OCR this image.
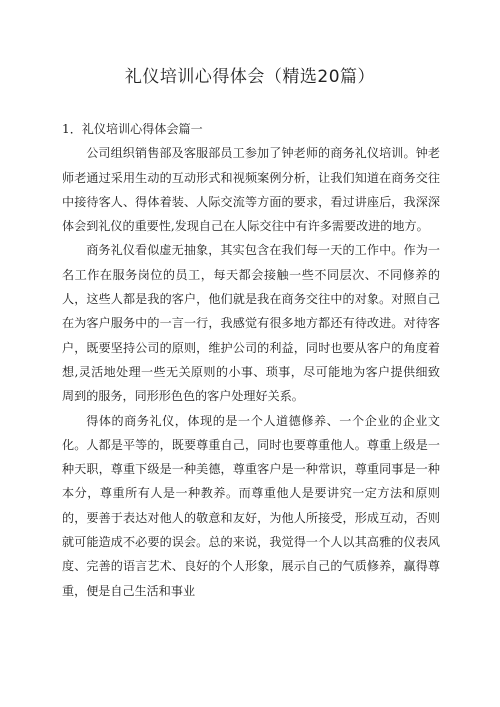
礼仪培训心得体会（精选20篇）

1．礼仪培训心得体会篇一

公司组织销售部及客服部员工参加了钟老师的商务礼仪培训。钟老师老通过采用生动的互动形式和视频案例分析，让我们知道在商务交往中接待客人、得体着装、人际交流等方面的要求，看过讲座后，我深深体会到礼仪的重要性,发现自己在人际交往中有许多需要改进的地方。

商务礼仪看似虚无抽象，其实包含在我们每一天的工作中。作为一名工作在服务岗位的员工，每天都会接触一些不同层次、不同修养的人，这些人都是我的客户，他们就是我在商务交往中的对象。对照自己在为客户服务中的一言一行，我感觉有很多地方都还有待改进。对待客户，既要坚持公司的原则，维护公司的利益，同时也要从客户的角度着想,灵活地处理一些无关原则的小事、琐事，尽可能地为客户提供细致周到的服务，同形形色色的客户处理好关系。

得体的商务礼仪，体现的是一个人道德修养、一个企业的企业文化。人都是平等的，既要尊重自己，同时也要尊重他人。尊重上级是一种天职，尊重下级是一种美德，尊重客户是一种常识，尊重同事是一种本分，尊重所有人是一种教养。而尊重他人是要讲究一定方法和原则的，要善于表达对他人的敬意和友好，为他人所接受，形成互动，否则就可能造成不必要的误会。总的来说，我觉得一个人以其高雅的仪表风度、完善的语言艺术、良好的个人形象，展示自己的气质修养，赢得尊重，便是自己生活和事业
